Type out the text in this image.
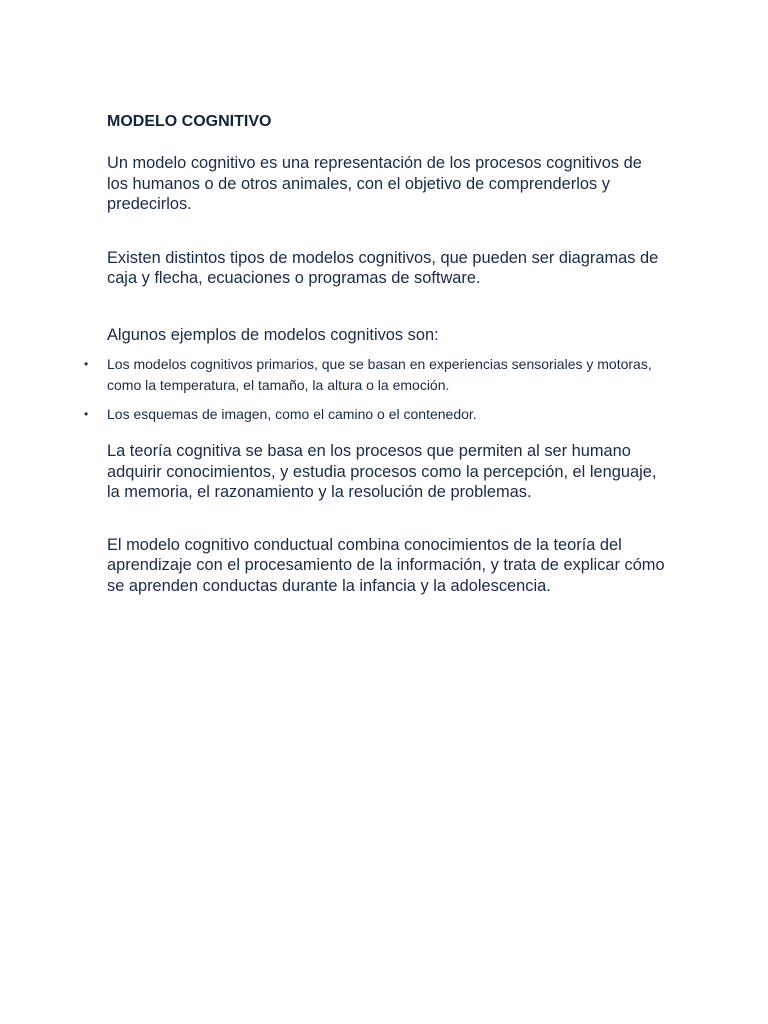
MODELO COGNITIVO

Un modelo cognitivo es una representación de los procesos cognitivos de los humanos o de otros animales, con el objetivo de comprenderlos y predecirlos.

Existen distintos tipos de modelos cognitivos, que pueden ser diagramas de caja y flecha, ecuaciones o programas de software.

Algunos ejemplos de modelos cognitivos son:

• Los modelos cognitivos primarios, que se basan en experiencias sensoriales y motoras, como la temperatura, el tamaño, la altura o la emoción.
• Los esquemas de imagen, como el camino o el contenedor.

La teoría cognitiva se basa en los procesos que permiten al ser humano adquirir conocimientos, y estudia procesos como la percepción, el lenguaje, la memoria, el razonamiento y la resolución de problemas.

El modelo cognitivo conductual combina conocimientos de la teoría del aprendizaje con el procesamiento de la información, y trata de explicar cómo se aprenden conductas durante la infancia y la adolescencia.
